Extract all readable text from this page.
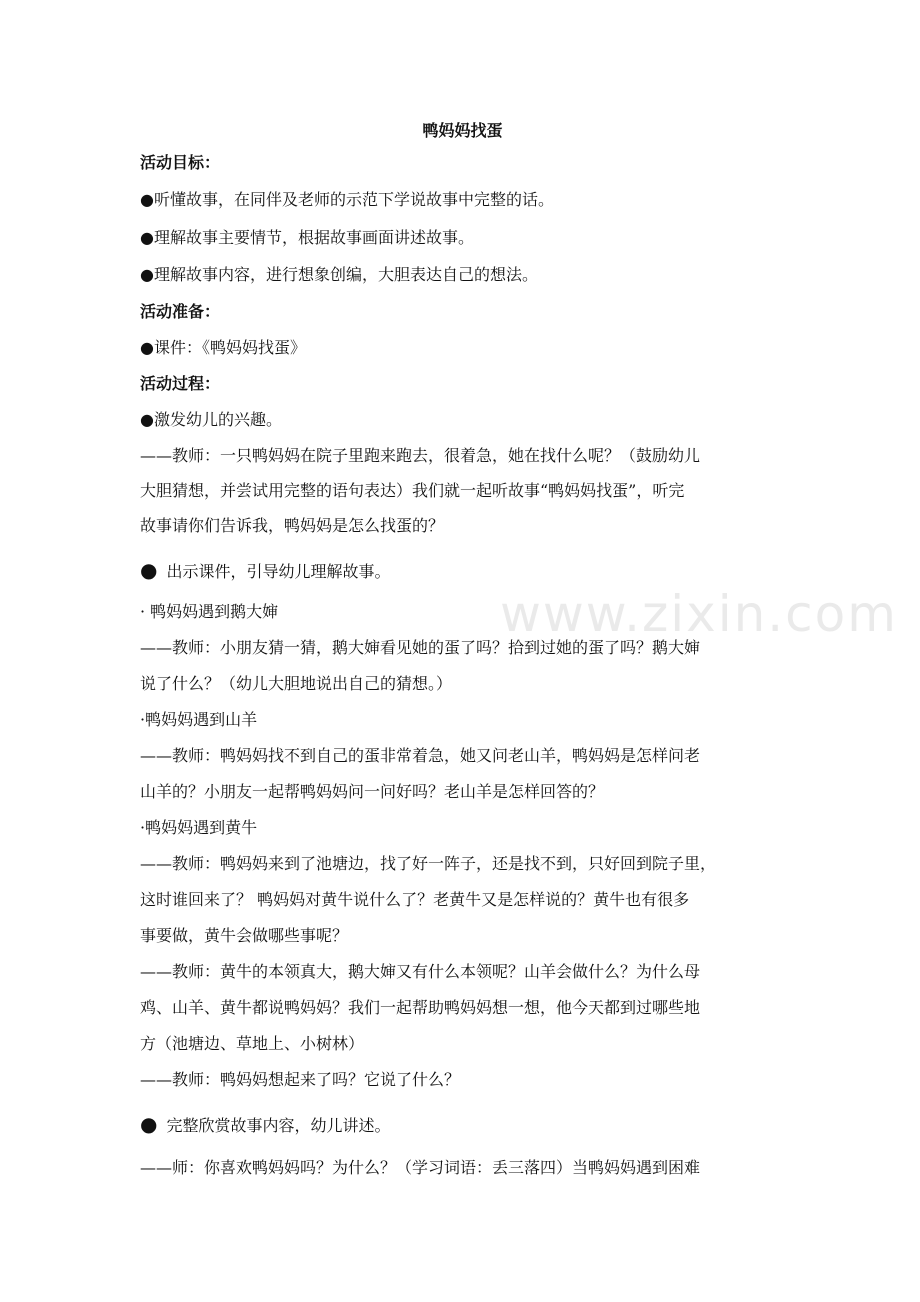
www.zixin.com
鸭妈妈找蛋
活动目标：
●听懂故事，在同伴及老师的示范下学说故事中完整的话。
●理解故事主要情节，根据故事画面讲述故事。
●理解故事内容，进行想象创编，大胆表达自己的想法。
活动准备：
●课件：《鸭妈妈找蛋》
活动过程：
●激发幼儿的兴趣。
——教师：一只鸭妈妈在院子里跑来跑去，很着急，她在找什么呢？（鼓励幼儿
大胆猜想，并尝试用完整的语句表达）我们就一起听故事“鸭妈妈找蛋”，听完
故事请你们告诉我，鸭妈妈是怎么找蛋的？
● 出示课件，引导幼儿理解故事。
· 鸭妈妈遇到鹅大婶
——教师：小朋友猜一猜，鹅大婶看见她的蛋了吗？拾到过她的蛋了吗？鹅大婶
说了什么？（幼儿大胆地说出自己的猜想。）
·鸭妈妈遇到山羊
——教师：鸭妈妈找不到自己的蛋非常着急，她又问老山羊，鸭妈妈是怎样问老
山羊的？小朋友一起帮鸭妈妈问一问好吗？老山羊是怎样回答的？
·鸭妈妈遇到黄牛
——教师：鸭妈妈来到了池塘边，找了好一阵子，还是找不到，只好回到院子里，
这时谁回来了？ 鸭妈妈对黄牛说什么了？老黄牛又是怎样说的？黄牛也有很多
事要做，黄牛会做哪些事呢？
——教师：黄牛的本领真大，鹅大婶又有什么本领呢？山羊会做什么？为什么母
鸡、山羊、黄牛都说鸭妈妈？我们一起帮助鸭妈妈想一想，他今天都到过哪些地
方（池塘边、草地上、小树林）
——教师：鸭妈妈想起来了吗？它说了什么？
● 完整欣赏故事内容，幼儿讲述。
——师：你喜欢鸭妈妈吗？为什么？（学习词语：丢三落四）当鸭妈妈遇到困难
